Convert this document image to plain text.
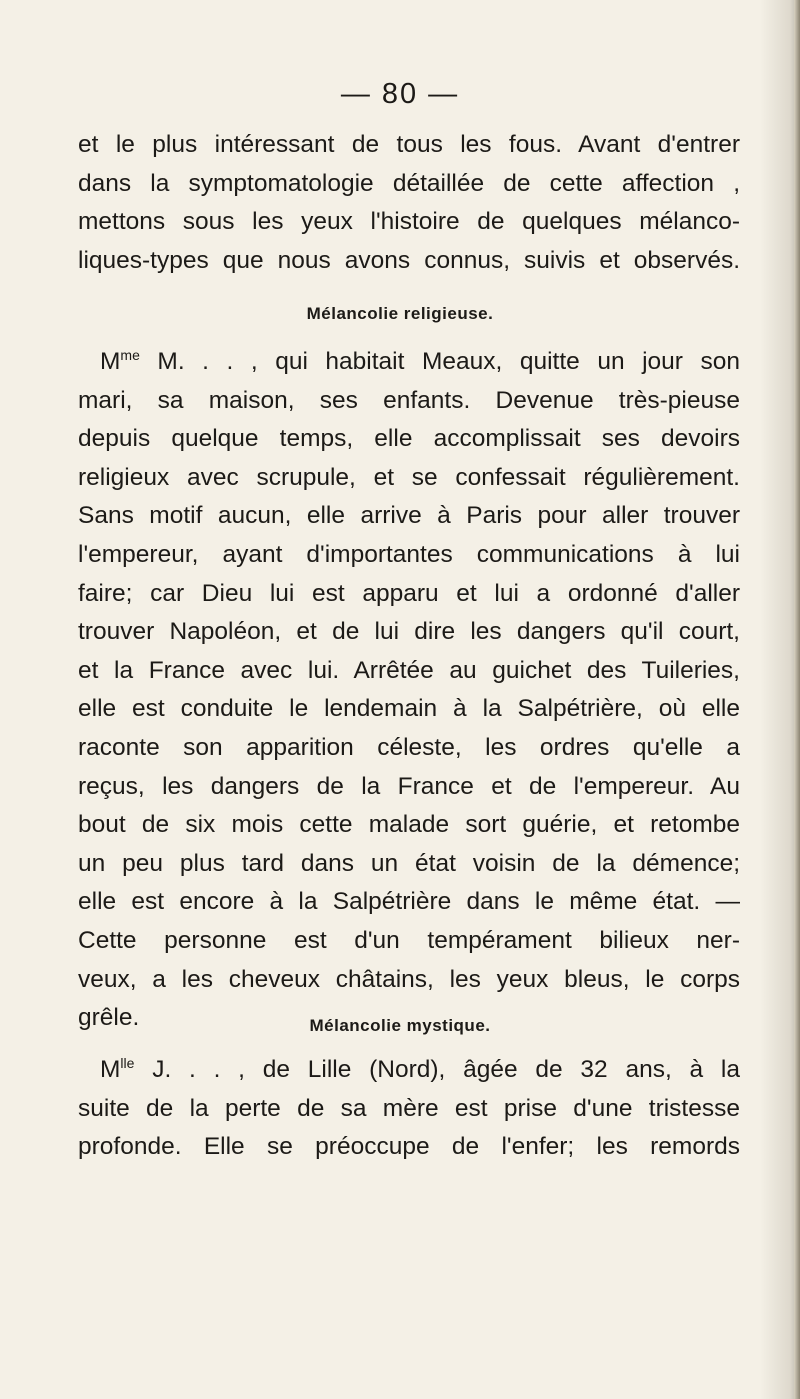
— 80 —
et le plus intéressant de tous les fous. Avant d'entrer
dans la symptomatologie détaillée de cette affection ,
mettons sous les yeux l'histoire de quelques mélanco-
liques-types que nous avons connus, suivis et observés.
Mélancolie religieuse.
$M^{me}$ M. . . , qui habitait Meaux, quitte un jour son
mari, sa maison, ses enfants. Devenue très-pieuse
depuis quelque temps, elle accomplissait ses devoirs
religieux avec scrupule, et se confessait régulièrement.
Sans motif aucun, elle arrive à Paris pour aller trouver
l'empereur, ayant d'importantes communications à lui
faire; car Dieu lui est apparu et lui a ordonné d'aller
trouver Napoléon, et de lui dire les dangers qu'il court,
et la France avec lui. Arrêtée au guichet des Tuileries,
elle est conduite le lendemain à la Salpétrière, où elle
raconte son apparition céleste, les ordres qu'elle a
reçus, les dangers de la France et de l'empereur. Au
bout de six mois cette malade sort guérie, et retombe
un peu plus tard dans un état voisin de la démence;
elle est encore à la Salpétrière dans le même état. —
Cette personne est d'un tempérament bilieux ner-
veux, a les cheveux châtains, les yeux bleus, le corps
grêle.	Mélancolie mystique.
$M^{lle}$ J. . . , de Lille (Nord), âgée de 32 ans, à la
suite de la perte de sa mère est prise d'une tristesse
profonde. Elle se préoccupe de l'enfer; les remords
